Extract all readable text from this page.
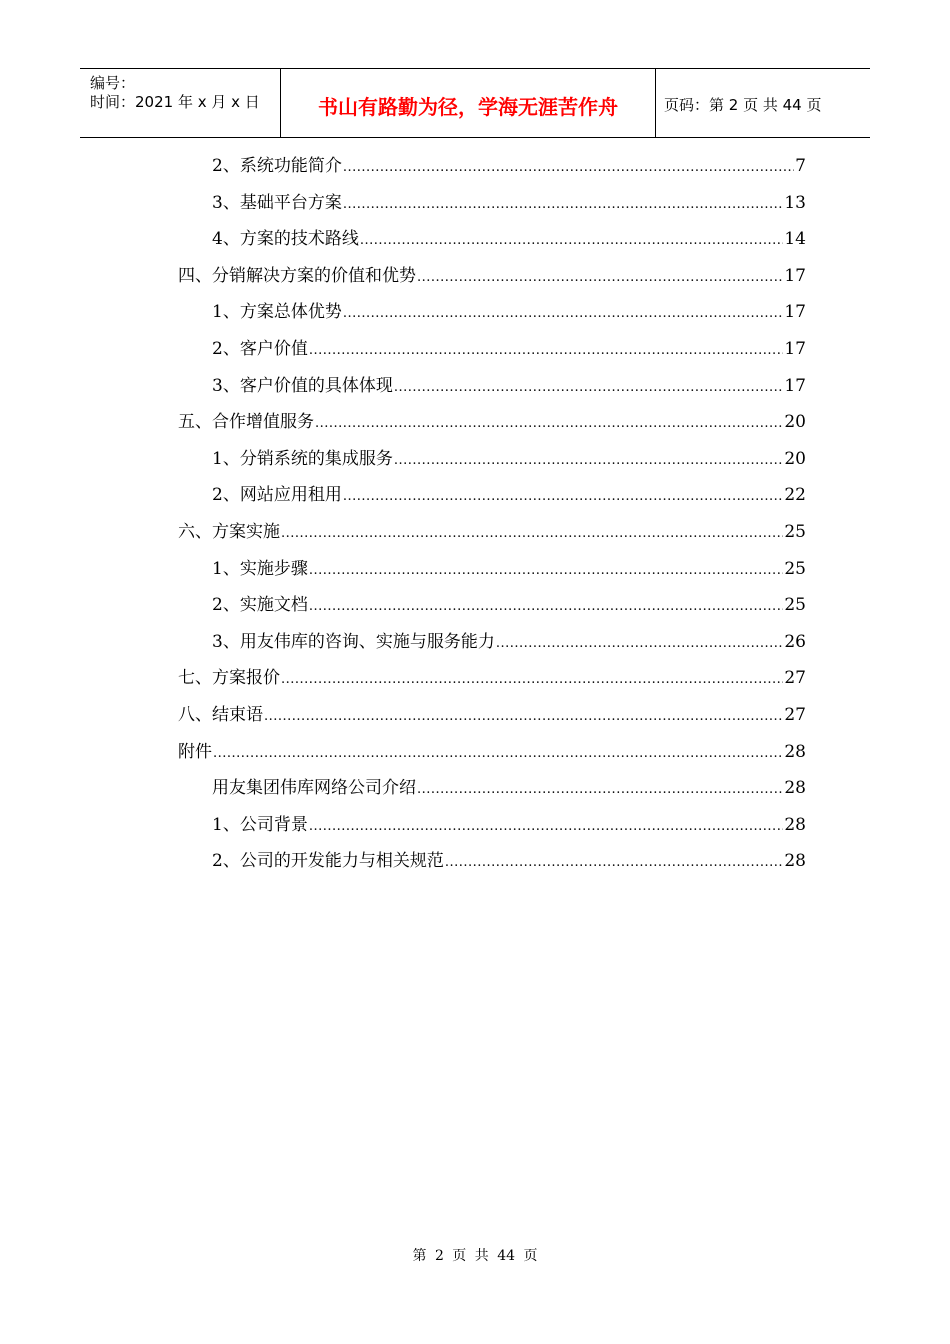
编号：
时间：2021 年 x 月 x 日	书山有路勤为径，学海无涯苦作舟	页码：第 2 页 共 44 页
2、系统功能简介 .....	7
3、基础平台方案 .....	13
4、方案的技术路线 .....	14
四、分销解决方案的价值和优势 .....	17
1、方案总体优势 .....	17
2、客户价值 .....	17
3、客户价值的具体体现 .....	17
五、合作增值服务 .....	20
1、分销系统的集成服务 .....	20
2、网站应用租用 .....	22
六、方案实施 .....	25
1、实施步骤 .....	25
2、实施文档 .....	25
3、用友伟库的咨询、实施与服务能力 .....	26
七、方案报价 .....	27
八、结束语 .....	27
附件 .....	28
用友集团伟库网络公司介绍 .....	28
1、公司背景 .....	28
2、公司的开发能力与相关规范 .....	28
第 2 页 共 44 页
